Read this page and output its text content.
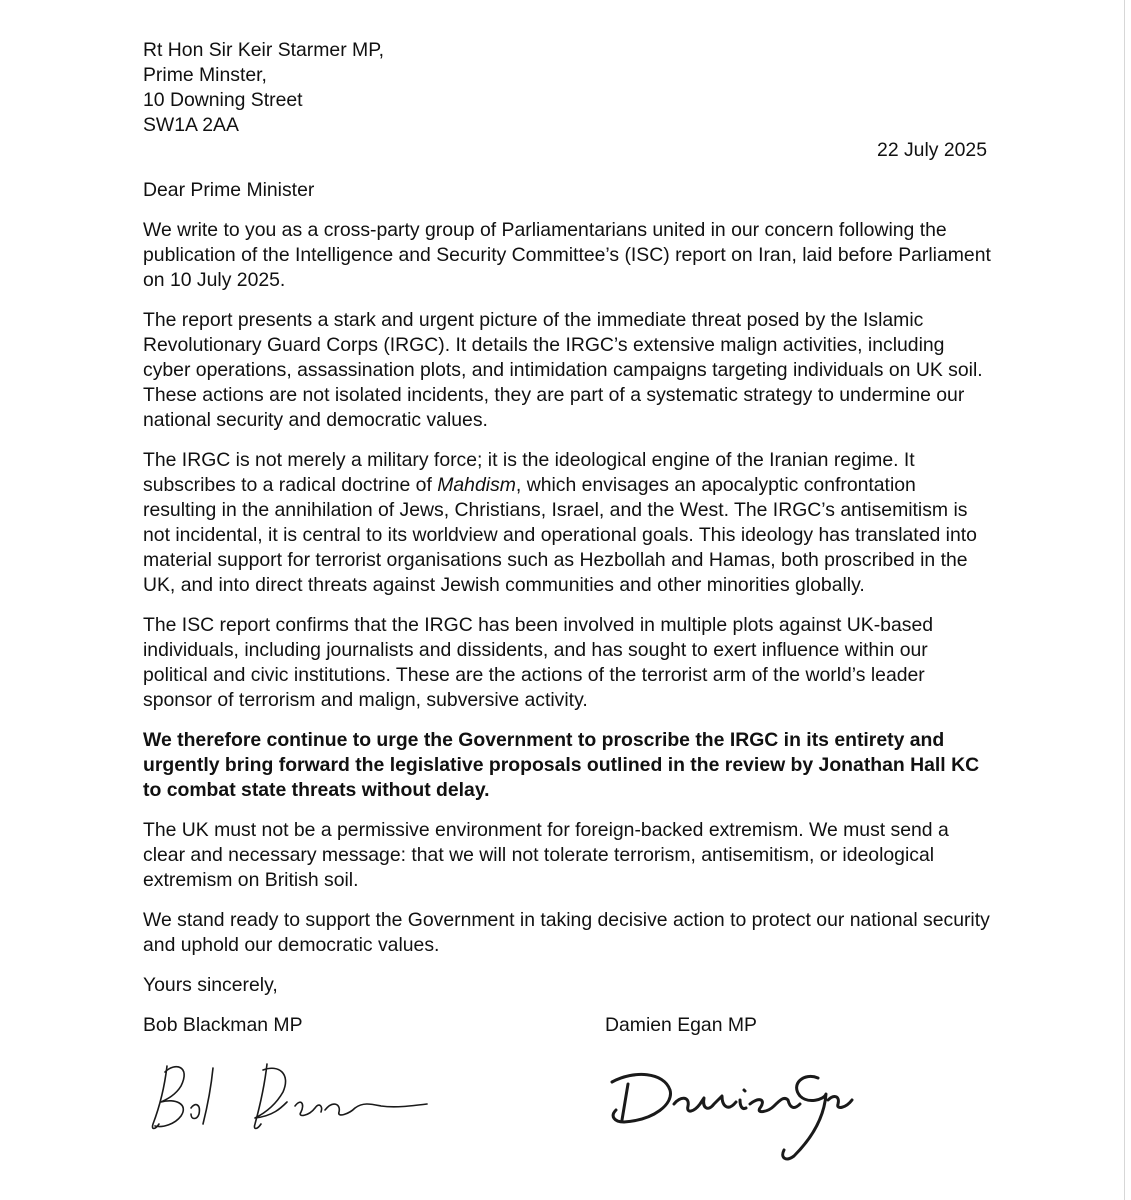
Rt Hon Sir Keir Starmer MP,
Prime Minster,
10 Downing Street
SW1A 2AA
22 July 2025
Dear Prime Minister

We write to you as a cross-party group of Parliamentarians united in our concern following the publication of the Intelligence and Security Committee’s (ISC) report on Iran, laid before Parliament on 10 July 2025.

The report presents a stark and urgent picture of the immediate threat posed by the Islamic Revolutionary Guard Corps (IRGC). It details the IRGC’s extensive malign activities, including cyber operations, assassination plots, and intimidation campaigns targeting individuals on UK soil. These actions are not isolated incidents, they are part of a systematic strategy to undermine our national security and democratic values.

The IRGC is not merely a military force; it is the ideological engine of the Iranian regime. It subscribes to a radical doctrine of Mahdism, which envisages an apocalyptic confrontation resulting in the annihilation of Jews, Christians, Israel, and the West. The IRGC’s antisemitism is not incidental, it is central to its worldview and operational goals. This ideology has translated into material support for terrorist organisations such as Hezbollah and Hamas, both proscribed in the UK, and into direct threats against Jewish communities and other minorities globally.

The ISC report confirms that the IRGC has been involved in multiple plots against UK-based individuals, including journalists and dissidents, and has sought to exert influence within our political and civic institutions. These are the actions of the terrorist arm of the world’s leader sponsor of terrorism and malign, subversive activity.

We therefore continue to urge the Government to proscribe the IRGC in its entirety and urgently bring forward the legislative proposals outlined in the review by Jonathan Hall KC to combat state threats without delay.

The UK must not be a permissive environment for foreign-backed extremism. We must send a clear and necessary message: that we will not tolerate terrorism, antisemitism, or ideological extremism on British soil.

We stand ready to support the Government in taking decisive action to protect our national security and uphold our democratic values.

Yours sincerely,
Bob Blackman MP	Damien Egan MP
